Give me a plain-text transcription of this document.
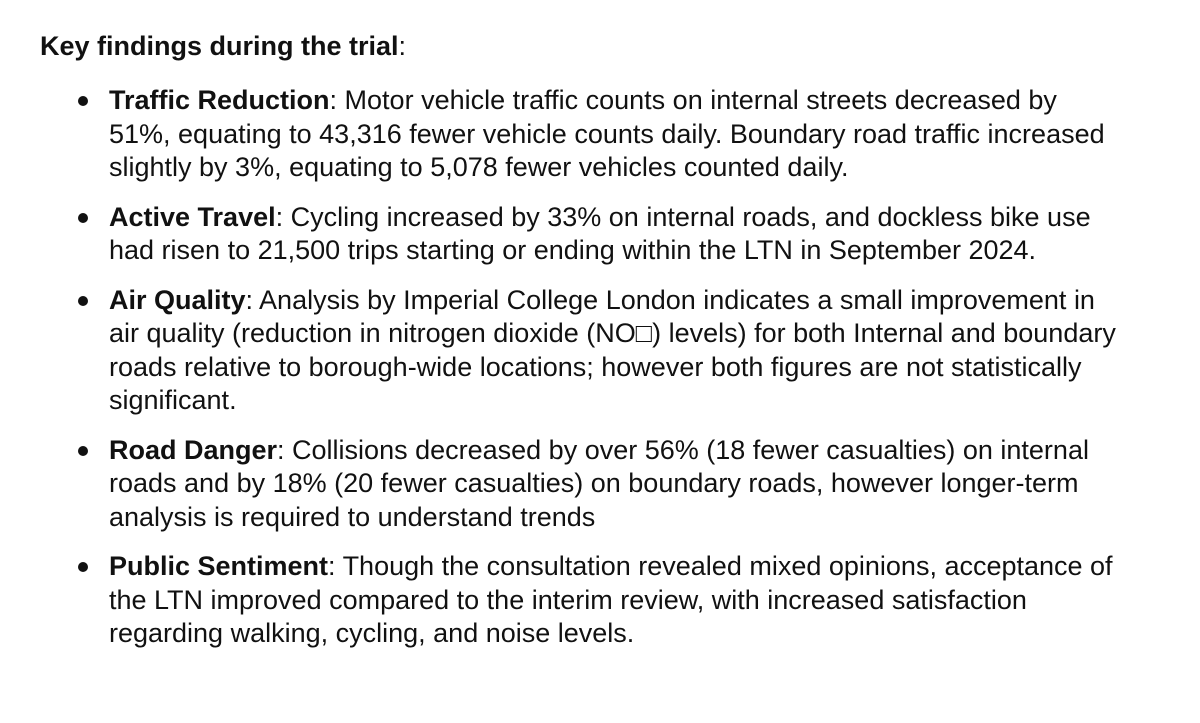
Key findings during the trial:

Traffic Reduction: Motor vehicle traffic counts on internal streets decreased by 51%, equating to 43,316 fewer vehicle counts daily. Boundary road traffic increased slightly by 3%, equating to 5,078 fewer vehicles counted daily.
Active Travel: Cycling increased by 33% on internal roads, and dockless bike use had risen to 21,500 trips starting or ending within the LTN in September 2024.
Air Quality: Analysis by Imperial College London indicates a small improvement in air quality (reduction in nitrogen dioxide (NO□) levels) for both Internal and boundary roads relative to borough-wide locations; however both figures are not statistically significant.
Road Danger: Collisions decreased by over 56% (18 fewer casualties) on internal roads and by 18% (20 fewer casualties) on boundary roads, however longer-term analysis is required to understand trends
Public Sentiment: Though the consultation revealed mixed opinions, acceptance of the LTN improved compared to the interim review, with increased satisfaction regarding walking, cycling, and noise levels.
